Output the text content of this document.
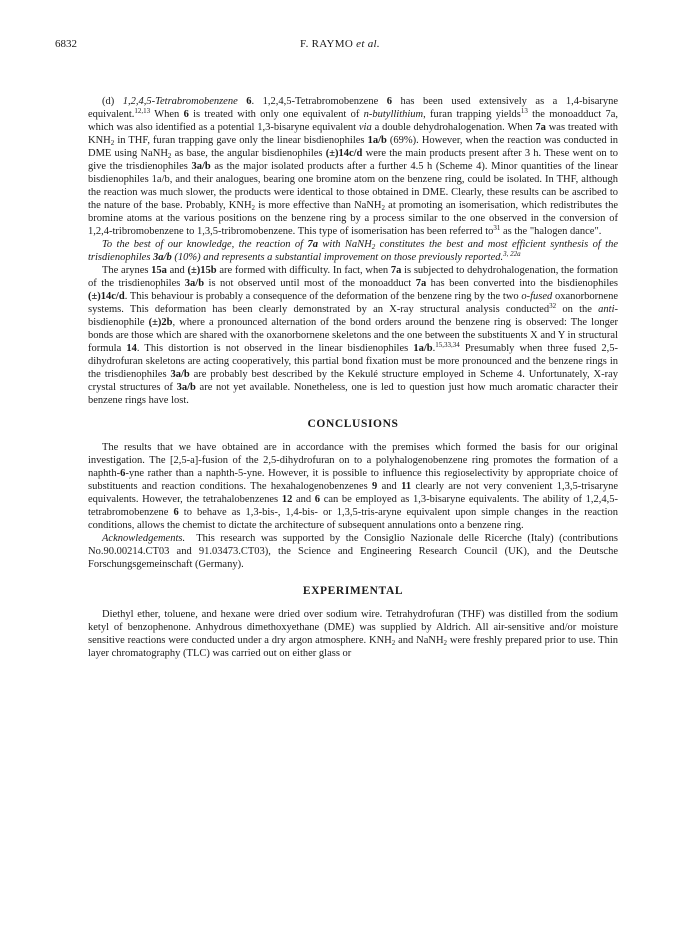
6832	F. RAYMO et al.

(d) 1,2,4,5-Tetrabromobenzene 6. 1,2,4,5-Tetrabromobenzene 6 has been used extensively as a 1,4-bisaryne equivalent.$^{12,13}$ When 6 is treated with only one equivalent of n-butyllithium, furan trapping yields$^{13}$ the monoadduct 7a, which was also identified as a potential 1,3-bisaryne equivalent via a double dehydrohalogenation. When 7a was treated with $KNH_2$ in THF, furan trapping gave only the linear bisdienophiles 1a/b (69%). However, when the reaction was conducted in DME using NaNH$_2$ as base, the angular bisdienophiles (±)14c/d were the main products present after 3 h. These went on to give the trisdienophiles 3a/b as the major isolated products after a further 4.5 h (Scheme 4). Minor quantities of the linear bisdienophiles 1a/b, and their analogues, bearing one bromine atom on the benzene ring, could be isolated. In THF, although the reaction was much slower, the products were identical to those obtained in DME. Clearly, these results can be ascribed to the nature of the base. Probably, $KNH_2$ is more effective than NaNH$_2$ at promoting an isomerisation, which redistributes the bromine atoms at the various positions on the benzene ring by a process similar to the one observed in the conversion of 1,2,4-tribromobenzene to 1,3,5-tribromobenzene. This type of isomerisation has been referred $to^{31}$ as the "halogen dance".

To the best of our knowledge, the reaction of 7a with NaNH$_2$ constitutes the best and most efficient synthesis of the trisdienophiles 3a/b (10%) and represents a substantial improvement on those previously reported.$^{3, 22a}$

The arynes 15a and (±)15b are formed with difficulty. In fact, when 7a is subjected to dehydrohalogenation, the formation of the trisdienophiles 3a/b is not observed until most of the monoadduct 7a has been converted into the bisdienophiles (±)14c/d. This behaviour is probably a consequence of the deformation of the benzene ring by the two o-fused oxanorbornene systems. This deformation has been clearly demonstrated by an X-ray structural analysis conducted$^{32}$ on the anti-bisdienophile (±)2b, where a pronounced alternation of the bond orders around the benzene ring is observed: The longer bonds are those which are shared with the oxanorbornene skeletons and the one between the substituents X and Y in structural formula 14. This distortion is not observed in the linear bisdienophiles 1a/b.$^{15,33,34}$ Presumably when three fused 2,5-dihydrofuran skeletons are acting cooperatively, this partial bond fixation must be more pronounced and the benzene rings in the trisdienophiles 3a/b are probably best described by the Kekulé structure employed in Scheme 4. Unfortunately, X-ray crystal structures of 3a/b are not yet available. Nonetheless, one is led to question just how much aromatic character their benzene rings have lost.

CONCLUSIONS

The results that we have obtained are in accordance with the premises which formed the basis for our original investigation. The [2,5-a]-fusion of the 2,5-dihydrofuran on to a polyhalogenobenzene ring promotes the formation of a naphth-6-yne rather than a naphth-5-yne. However, it is possible to influence this regioselectivity by appropriate choice of substituents and reaction conditions. The hexahalogenobenzenes 9 and 11 clearly are not very convenient 1,3,5-trisaryne equivalents. However, the tetrahalobenzenes 12 and 6 can be employed as 1,3-bisaryne equivalents. The ability of 1,2,4,5-tetrabromobenzene 6 to behave as 1,3-bis-, 1,4-bis- or 1,3,5-tris-aryne equivalent upon simple changes in the reaction conditions, allows the chemist to dictate the architecture of subsequent annulations onto a benzene ring.

Acknowledgements. This research was supported by the Consiglio Nazionale delle Ricerche (Italy) (contributions No.90.00214.CT03 and 91.03473.CT03), the Science and Engineering Research Council (UK), and the Deutsche Forschungsgemeinschaft (Germany).

EXPERIMENTAL

Diethyl ether, toluene, and hexane were dried over sodium wire. Tetrahydrofuran (THF) was distilled from the sodium ketyl of benzophenone. Anhydrous dimethoxyethane (DME) was supplied by Aldrich. All air-sensitive and/or moisture sensitive reactions were conducted under a dry argon atmosphere. $KNH_2$ and NaNH$_2$ were freshly prepared prior to use. Thin layer chromatography (TLC) was carried out on either glass or
